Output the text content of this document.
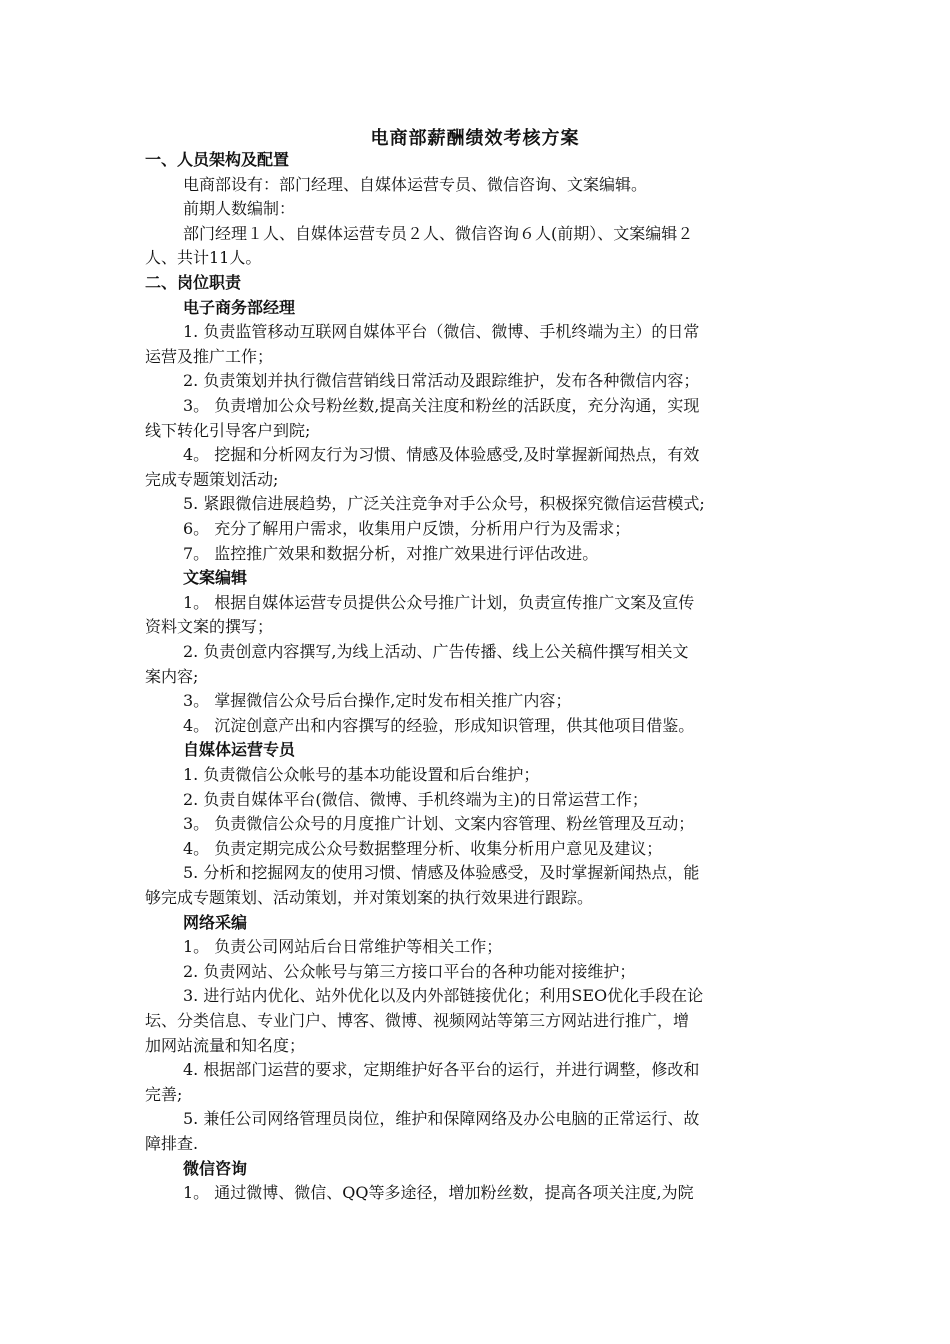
电商部薪酬绩效考核方案
一、人员架构及配置
电商部设有：部门经理、自媒体运营专员、微信咨询、文案编辑。
前期人数编制：
部门经理１人、自媒体运营专员２人、微信咨询６人(前期）、文案编辑２
人、共计11人。
二、岗位职责
电子商务部经理
1. 负责监管移动互联网自媒体平台（微信、微博、手机终端为主）的日常
运营及推广工作；
2. 负责策划并执行微信营销线日常活动及跟踪维护，发布各种微信内容；
3。 负责增加公众号粉丝数,提高关注度和粉丝的活跃度，充分沟通，实现
线下转化引导客户到院;
4。 挖掘和分析网友行为习惯、情感及体验感受,及时掌握新闻热点，有效
完成专题策划活动;
5. 紧跟微信进展趋势，广泛关注竞争对手公众号，积极探究微信运营模式;
6。 充分了解用户需求，收集用户反馈，分析用户行为及需求；
7。 监控推广效果和数据分析，对推广效果进行评估改进。
文案编辑
1。 根据自媒体运营专员提供公众号推广计划，负责宣传推广文案及宣传
资料文案的撰写；
2. 负责创意内容撰写,为线上活动、广告传播、线上公关稿件撰写相关文
案内容;
3。 掌握微信公众号后台操作,定时发布相关推广内容；
4。 沉淀创意产出和内容撰写的经验，形成知识管理，供其他项目借鉴。
自媒体运营专员
1. 负责微信公众帐号的基本功能设置和后台维护；
2. 负责自媒体平台(微信、微博、手机终端为主)的日常运营工作；
3。 负责微信公众号的月度推广计划、文案内容管理、粉丝管理及互动；
4。 负责定期完成公众号数据整理分析、收集分析用户意见及建议；
5. 分析和挖掘网友的使用习惯、情感及体验感受，及时掌握新闻热点，能
够完成专题策划、活动策划，并对策划案的执行效果进行跟踪。
网络采编
1。 负责公司网站后台日常维护等相关工作；
2. 负责网站、公众帐号与第三方接口平台的各种功能对接维护；
3. 进行站内优化、站外优化以及内外部链接优化；利用SEO优化手段在论
坛、分类信息、专业门户、博客、微博、视频网站等第三方网站进行推广，增
加网站流量和知名度；
4. 根据部门运营的要求，定期维护好各平台的运行，并进行调整，修改和
完善;
5. 兼任公司网络管理员岗位，维护和保障网络及办公电脑的正常运行、故
障排查.
微信咨询
1。 通过微博、微信、QQ等多途径，增加粉丝数，提高各项关注度,为院
